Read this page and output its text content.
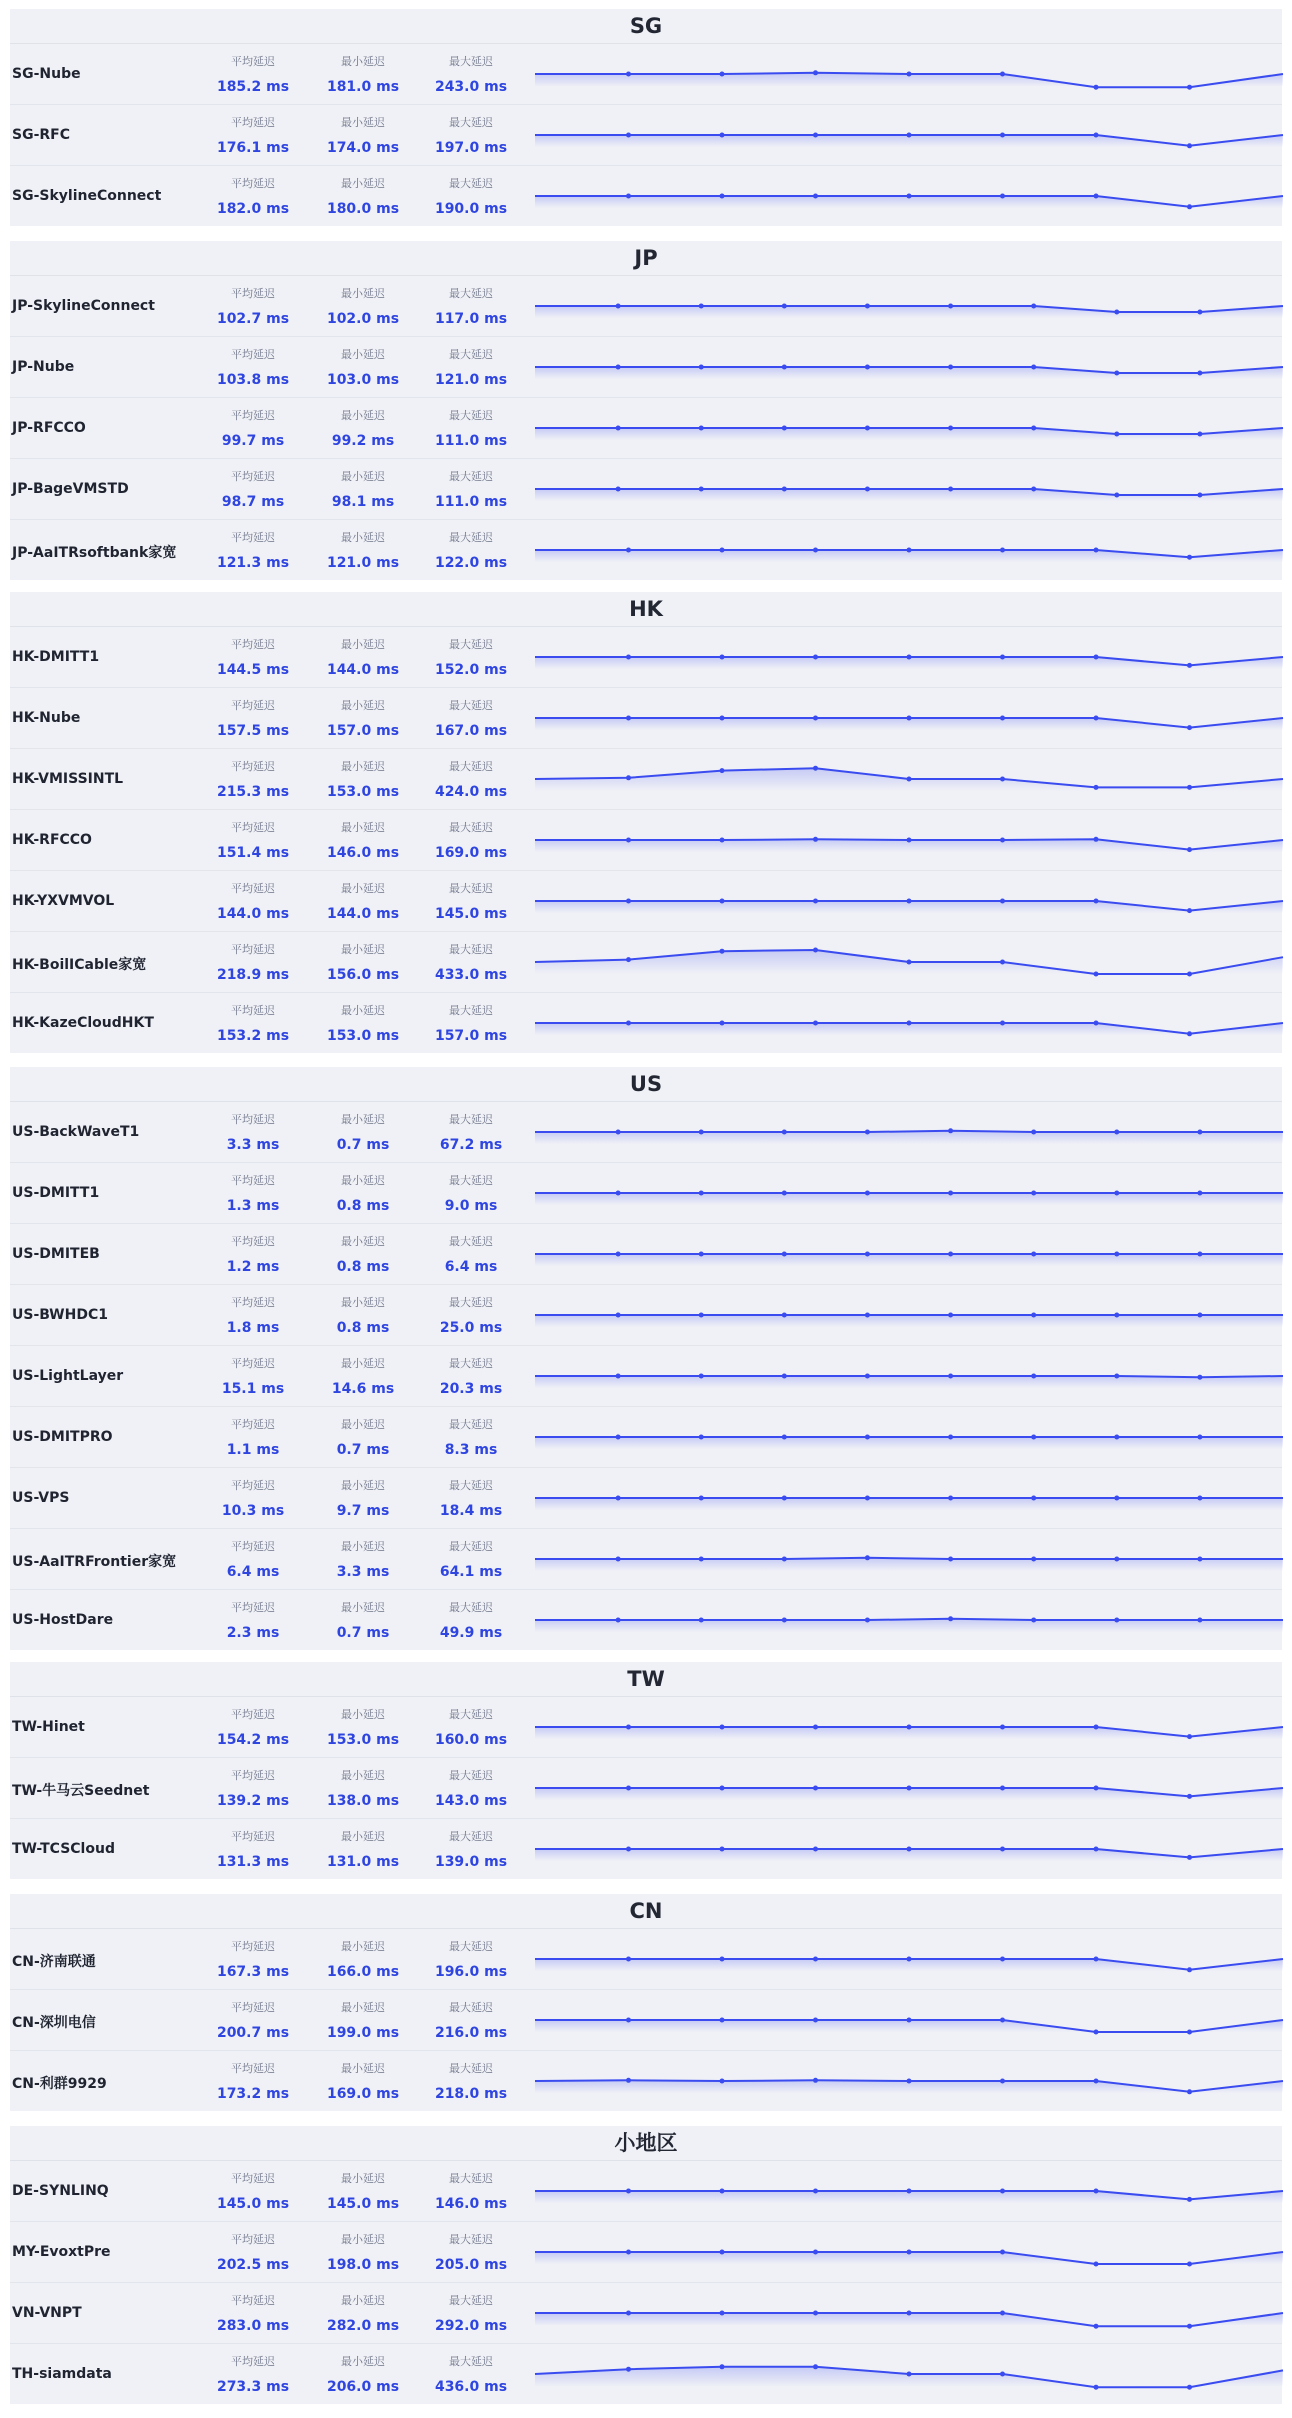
SG
SG-Nube
平均延迟
185.2 ms
最小延迟
181.0 ms
最大延迟
243.0 ms
SG-RFC
平均延迟
176.1 ms
最小延迟
174.0 ms
最大延迟
197.0 ms
SG-SkylineConnect
平均延迟
182.0 ms
最小延迟
180.0 ms
最大延迟
190.0 ms
JP
JP-SkylineConnect
平均延迟
102.7 ms
最小延迟
102.0 ms
最大延迟
117.0 ms
JP-Nube
平均延迟
103.8 ms
最小延迟
103.0 ms
最大延迟
121.0 ms
JP-RFCCO
平均延迟
99.7 ms
最小延迟
99.2 ms
最大延迟
111.0 ms
JP-BageVMSTD
平均延迟
98.7 ms
最小延迟
98.1 ms
最大延迟
111.0 ms
JP-AaITRsoftbank家宽
平均延迟
121.3 ms
最小延迟
121.0 ms
最大延迟
122.0 ms
HK
HK-DMITT1
平均延迟
144.5 ms
最小延迟
144.0 ms
最大延迟
152.0 ms
HK-Nube
平均延迟
157.5 ms
最小延迟
157.0 ms
最大延迟
167.0 ms
HK-VMISSINTL
平均延迟
215.3 ms
最小延迟
153.0 ms
最大延迟
424.0 ms
HK-RFCCO
平均延迟
151.4 ms
最小延迟
146.0 ms
最大延迟
169.0 ms
HK-YXVMVOL
平均延迟
144.0 ms
最小延迟
144.0 ms
最大延迟
145.0 ms
HK-BoilICable家宽
平均延迟
218.9 ms
最小延迟
156.0 ms
最大延迟
433.0 ms
HK-KazeCloudHKT
平均延迟
153.2 ms
最小延迟
153.0 ms
最大延迟
157.0 ms
US
US-BackWaveT1
平均延迟
3.3 ms
最小延迟
0.7 ms
最大延迟
67.2 ms
US-DMITT1
平均延迟
1.3 ms
最小延迟
0.8 ms
最大延迟
9.0 ms
US-DMITEB
平均延迟
1.2 ms
最小延迟
0.8 ms
最大延迟
6.4 ms
US-BWHDC1
平均延迟
1.8 ms
最小延迟
0.8 ms
最大延迟
25.0 ms
US-LightLayer
平均延迟
15.1 ms
最小延迟
14.6 ms
最大延迟
20.3 ms
US-DMITPRO
平均延迟
1.1 ms
最小延迟
0.7 ms
最大延迟
8.3 ms
US-VPS
平均延迟
10.3 ms
最小延迟
9.7 ms
最大延迟
18.4 ms
US-AaITRFrontier家宽
平均延迟
6.4 ms
最小延迟
3.3 ms
最大延迟
64.1 ms
US-HostDare
平均延迟
2.3 ms
最小延迟
0.7 ms
最大延迟
49.9 ms
TW
TW-Hinet
平均延迟
154.2 ms
最小延迟
153.0 ms
最大延迟
160.0 ms
TW-牛马云Seednet
平均延迟
139.2 ms
最小延迟
138.0 ms
最大延迟
143.0 ms
TW-TCSCloud
平均延迟
131.3 ms
最小延迟
131.0 ms
最大延迟
139.0 ms
CN
CN-济南联通
平均延迟
167.3 ms
最小延迟
166.0 ms
最大延迟
196.0 ms
CN-深圳电信
平均延迟
200.7 ms
最小延迟
199.0 ms
最大延迟
216.0 ms
CN-利群9929
平均延迟
173.2 ms
最小延迟
169.0 ms
最大延迟
218.0 ms
小地区
DE-SYNLINQ
平均延迟
145.0 ms
最小延迟
145.0 ms
最大延迟
146.0 ms
MY-EvoxtPre
平均延迟
202.5 ms
最小延迟
198.0 ms
最大延迟
205.0 ms
VN-VNPT
平均延迟
283.0 ms
最小延迟
282.0 ms
最大延迟
292.0 ms
TH-siamdata
平均延迟
273.3 ms
最小延迟
206.0 ms
最大延迟
436.0 ms
